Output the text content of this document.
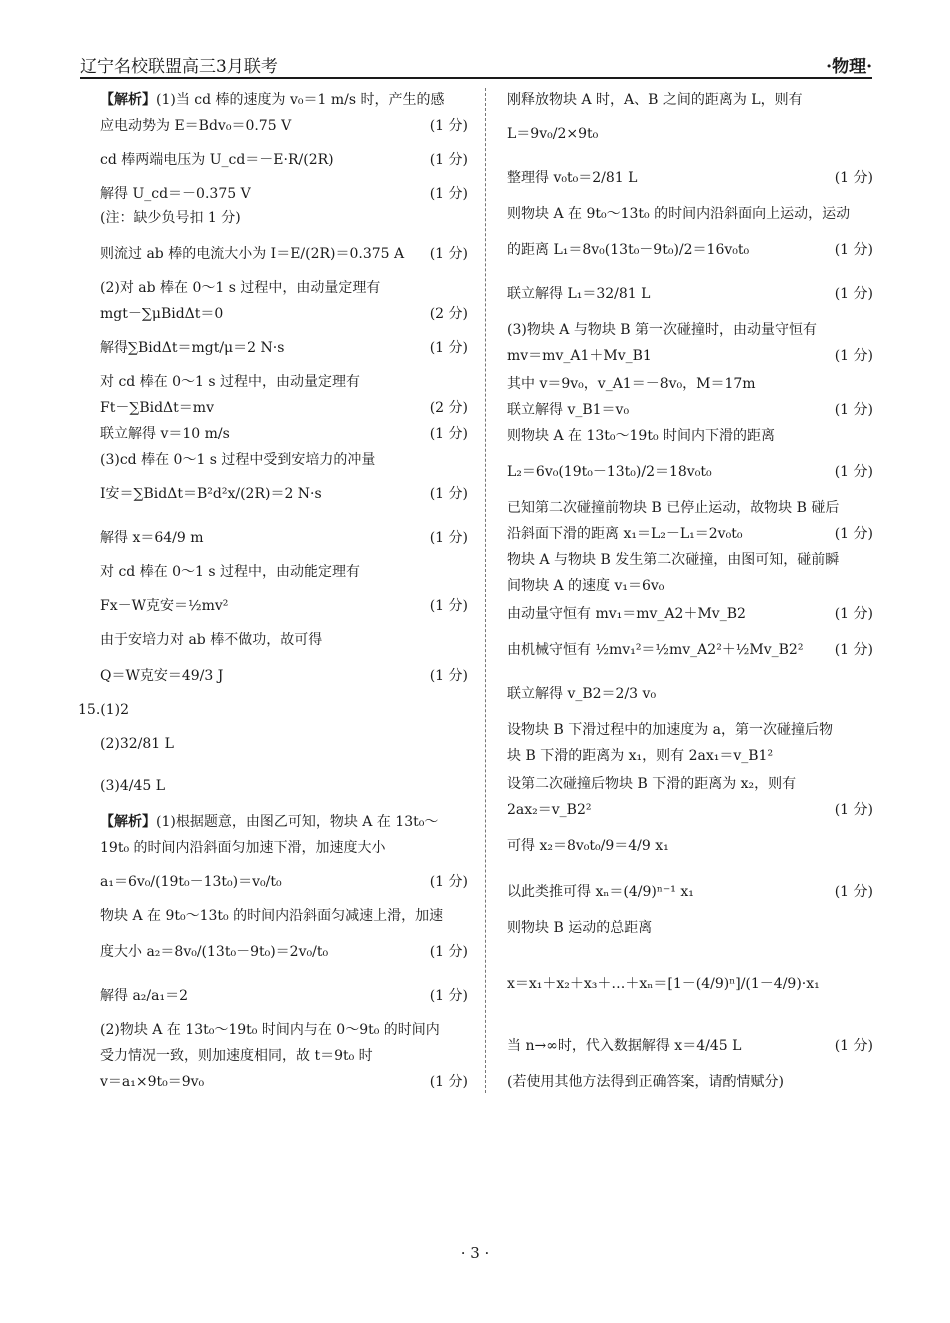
辽宁名校联盟高三3月联考	·物理·
【解析】(1)当 cd 棒的速度为 v₀＝1 m/s 时，产生的感
应电动势为 E＝Bdv₀＝0.75 V	(1 分)
cd 棒两端电压为 U_cd＝－E·R/(2R)	(1 分)
解得 U_cd＝－0.375 V	(1 分)
(注：缺少负号扣 1 分)
则流过 ab 棒的电流大小为 I＝E/(2R)＝0.375 A (1 分)
(2)对 ab 棒在 0～1 s 过程中，由动量定理有
mgt－∑μBidΔt＝0	(2 分)
解得∑BidΔt＝mgt/μ＝2 N·s	(1 分)
对 cd 棒在 0～1 s 过程中，由动量定理有
Ft－∑BidΔt＝mv	(2 分)
联立解得 v＝10 m/s	(1 分)
(3)cd 棒在 0～1 s 过程中受到安培力的冲量
I安＝∑BidΔt＝B²d²x/(2R)＝2 N·s	(1 分)
解得 x＝64/9 m	(1 分)
对 cd 棒在 0～1 s 过程中，由动能定理有
Fx－W克安＝½mv²	(1 分)
由于安培力对 ab 棒不做功，故可得
Q＝W克安＝49/3 J	(1 分)
15.(1)2
(2)32/81 L
(3)4/45 L
【解析】(1)根据题意，由图乙可知，物块 A 在 13t₀～
19t₀ 的时间内沿斜面匀加速下滑，加速度大小
a₁＝6v₀/(19t₀－13t₀)＝v₀/t₀	(1 分)
物块 A 在 9t₀～13t₀ 的时间内沿斜面匀减速上滑，加速
度大小 a₂＝8v₀/(13t₀－9t₀)＝2v₀/t₀	(1 分)
解得 a₂/a₁＝2	(1 分)
(2)物块 A 在 13t₀～19t₀ 时间内与在 0～9t₀ 的时间内
受力情况一致，则加速度相同，故 t＝9t₀ 时
v＝a₁×9t₀＝9v₀	(1 分)
刚释放物块 A 时，A、B 之间的距离为 L，则有
L＝9v₀/2×9t₀
整理得 v₀t₀＝2/81 L	(1 分)
则物块 A 在 9t₀～13t₀ 的时间内沿斜面向上运动，运动
的距离 L₁＝8v₀(13t₀－9t₀)/2＝16v₀t₀	(1 分)
联立解得 L₁＝32/81 L	(1 分)
(3)物块 A 与物块 B 第一次碰撞时，由动量守恒有
mv＝mv_A1＋Mv_B1	(1 分)
其中 v＝9v₀，v_A1＝－8v₀，M＝17m
联立解得 v_B1＝v₀	(1 分)
则物块 A 在 13t₀～19t₀ 时间内下滑的距离
L₂＝6v₀(19t₀－13t₀)/2＝18v₀t₀	(1 分)
已知第二次碰撞前物块 B 已停止运动，故物块 B 碰后
沿斜面下滑的距离 x₁＝L₂－L₁＝2v₀t₀	(1 分)
物块 A 与物块 B 发生第二次碰撞，由图可知，碰前瞬
间物块 A 的速度 v₁＝6v₀
由动量守恒有 mv₁＝mv_A2＋Mv_B2	(1 分)
由机械守恒有 ½mv₁²＝½mv_A2²＋½Mv_B2² (1 分)
联立解得 v_B2＝2/3 v₀
设物块 B 下滑过程中的加速度为 a，第一次碰撞后物
块 B 下滑的距离为 x₁，则有 2ax₁＝v_B1²
设第二次碰撞后物块 B 下滑的距离为 x₂，则有
2ax₂＝v_B2²	(1 分)
可得 x₂＝8v₀t₀/9＝4/9 x₁
以此类推可得 xₙ＝(4/9)ⁿ⁻¹ x₁	(1 分)
则物块 B 运动的总距离
x＝x₁＋x₂＋x₃＋…＋xₙ＝[1－(4/9)ⁿ]/(1－4/9)·x₁
当 n→∞时，代入数据解得 x＝4/45 L	(1 分)
(若使用其他方法得到正确答案，请酌情赋分)
· 3 ·
